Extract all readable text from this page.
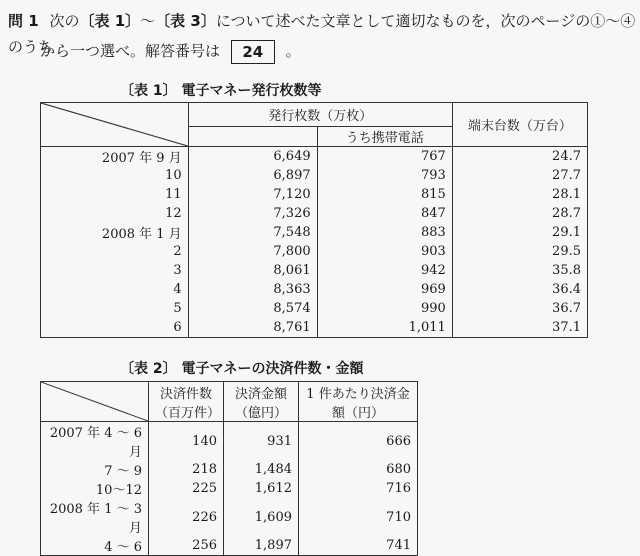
問 1 次の〔表 1〕～〔表 3〕について述べた文章として適切なものを，次のページの①～④のうち
から一つ選べ。解答番号は 24 。
〔表 1〕 電子マネー発行枚数等
	発行枚数（万枚）		端末台数（万台）
		うち携帯電話	
2007 年 9 月	6,649	767	24.7
10	6,897	793	27.7
11	7,120	815	28.1
12	7,326	847	28.7
2008 年 1 月	7,548	883	29.1
2	7,800	903	29.5
3	8,061	942	35.8
4	8,363	969	36.4
5	8,574	990	36.7
6	8,761	1,011	37.1
〔表 2〕 電子マネーの決済件数・金額
	決済件数（百万件）	決済金額（億円）	1 件あたり決済金額（円）
2007 年 4 ～ 6 月	140	931	666
7 ～ 9	218	1,484	680
10～12	225	1,612	716
2008 年 1 ～ 3 月	226	1,609	710
4 ～ 6	256	1,897	741
